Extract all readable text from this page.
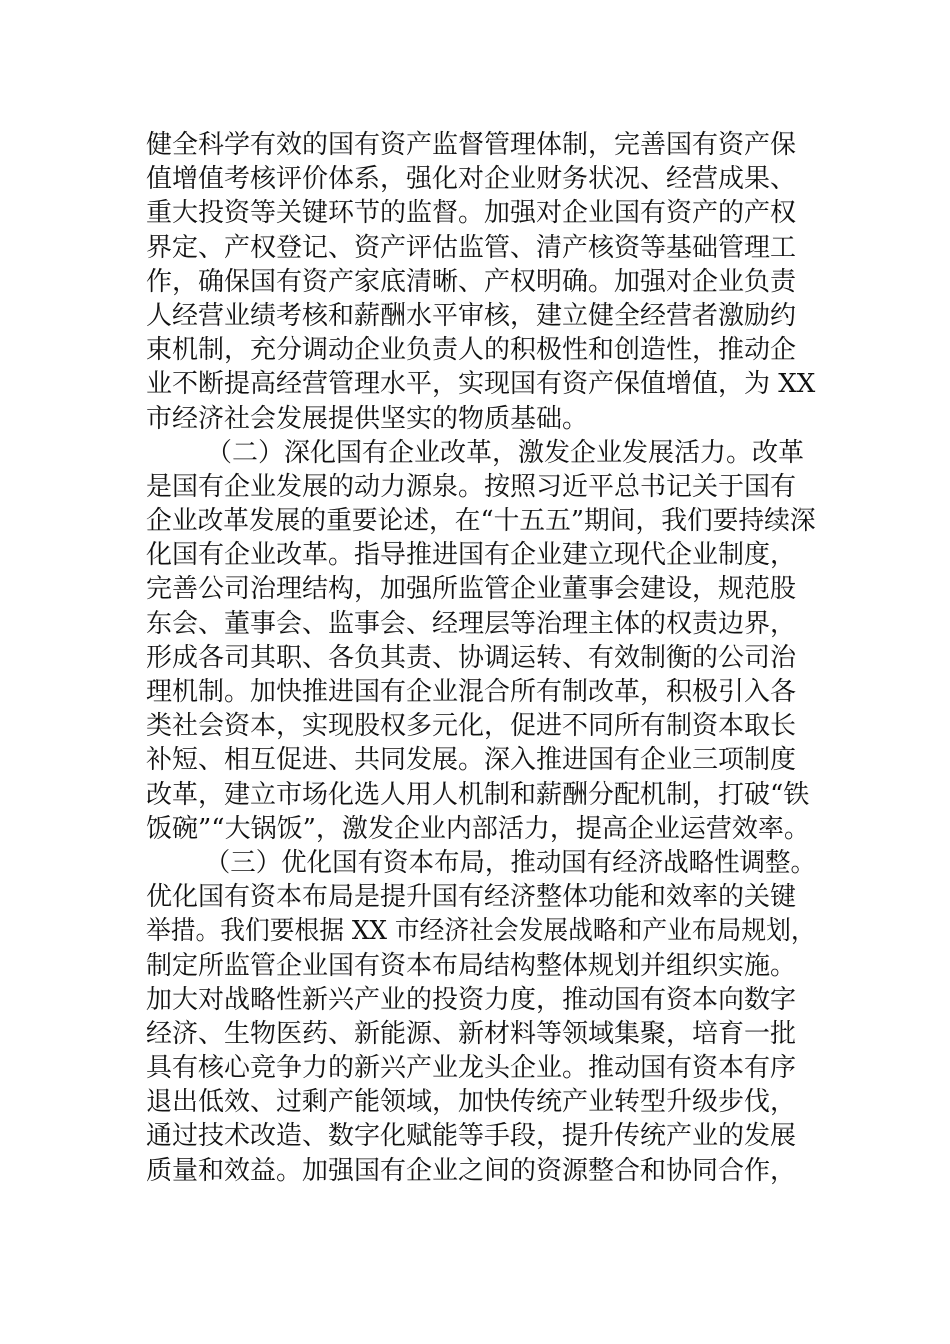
健全科学有效的国有资产监督管理体制，完善国有资产保
值增值考核评价体系，强化对企业财务状况、经营成果、
重大投资等关键环节的监督。加强对企业国有资产的产权
界定、产权登记、资产评估监管、清产核资等基础管理工
作，确保国有资产家底清晰、产权明确。加强对企业负责
人经营业绩考核和薪酬水平审核，建立健全经营者激励约
束机制，充分调动企业负责人的积极性和创造性，推动企
业不断提高经营管理水平，实现国有资产保值增值，为 XX
市经济社会发展提供坚实的物质基础。
（二）深化国有企业改革，激发企业发展活力。改革
是国有企业发展的动力源泉。按照习近平总书记关于国有
企业改革发展的重要论述，在“十五五”期间，我们要持续深
化国有企业改革。指导推进国有企业建立现代企业制度，
完善公司治理结构，加强所监管企业董事会建设，规范股
东会、董事会、监事会、经理层等治理主体的权责边界，
形成各司其职、各负其责、协调运转、有效制衡的公司治
理机制。加快推进国有企业混合所有制改革，积极引入各
类社会资本，实现股权多元化，促进不同所有制资本取长
补短、相互促进、共同发展。深入推进国有企业三项制度
改革，建立市场化选人用人机制和薪酬分配机制，打破“铁
饭碗”“大锅饭”，激发企业内部活力，提高企业运营效率。
（三）优化国有资本布局，推动国有经济战略性调整。
优化国有资本布局是提升国有经济整体功能和效率的关键
举措。我们要根据 XX 市经济社会发展战略和产业布局规划，
制定所监管企业国有资本布局结构整体规划并组织实施。
加大对战略性新兴产业的投资力度，推动国有资本向数字
经济、生物医药、新能源、新材料等领域集聚，培育一批
具有核心竞争力的新兴产业龙头企业。推动国有资本有序
退出低效、过剩产能领域，加快传统产业转型升级步伐，
通过技术改造、数字化赋能等手段，提升传统产业的发展
质量和效益。加强国有企业之间的资源整合和协同合作，
